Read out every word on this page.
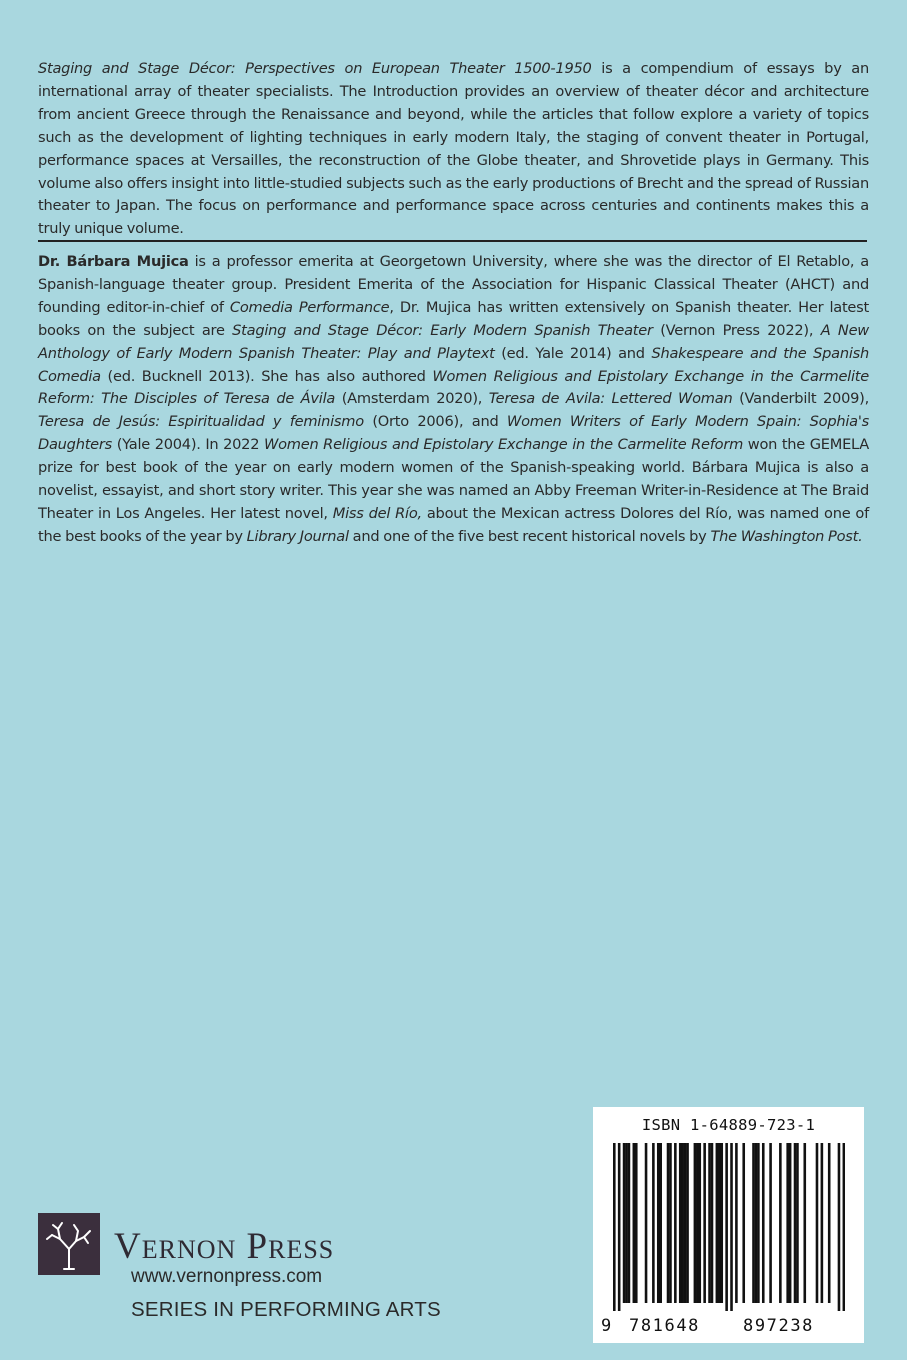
Staging and Stage Décor: Perspectives on European Theater 1500-1950 is a compendium of essays by an international array of theater specialists. The Introduction provides an overview of theater décor and architecture from ancient Greece through the Renaissance and beyond, while the articles that follow explore a variety of topics such as the development of lighting techniques in early modern Italy, the staging of convent theater in Portugal, performance spaces at Versailles, the reconstruction of the Globe theater, and Shrovetide plays in Germany. This volume also offers insight into little-studied subjects such as the early productions of Brecht and the spread of Russian theater to Japan. The focus on performance and performance space across centuries and continents makes this a truly unique volume.
Dr. Bárbara Mujica is a professor emerita at Georgetown University, where she was the director of El Retablo, a Spanish-language theater group. President Emerita of the Association for Hispanic Classical Theater (AHCT) and founding editor-in-chief of Comedia Performance, Dr. Mujica has written extensively on Spanish theater. Her latest books on the subject are Staging and Stage Décor: Early Modern Spanish Theater (Vernon Press 2022), A New Anthology of Early Modern Spanish Theater: Play and Playtext (ed. Yale 2014) and Shakespeare and the Spanish Comedia (ed. Bucknell 2013). She has also authored Women Religious and Epistolary Exchange in the Carmelite Reform: The Disciples of Teresa de Ávila (Amsterdam 2020), Teresa de Avila: Lettered Woman (Vanderbilt 2009), Teresa de Jesús: Espiritualidad y feminismo (Orto 2006), and Women Writers of Early Modern Spain: Sophia's Daughters (Yale 2004). In 2022 Women Religious and Epistolary Exchange in the Carmelite Reform won the GEMELA prize for best book of the year on early modern women of the Spanish-speaking world. Bárbara Mujica is also a novelist, essayist, and short story writer. This year she was named an Abby Freeman Writer-in-Residence at The Braid Theater in Los Angeles. Her latest novel, Miss del Río, about the Mexican actress Dolores del Río, was named one of the best books of the year by Library Journal and one of the five best recent historical novels by The Washington Post.
Vernon Press
www.vernonpress.com
SERIES IN PERFORMING ARTS
ISBN 1-64889-723-1
9 781648	897238
